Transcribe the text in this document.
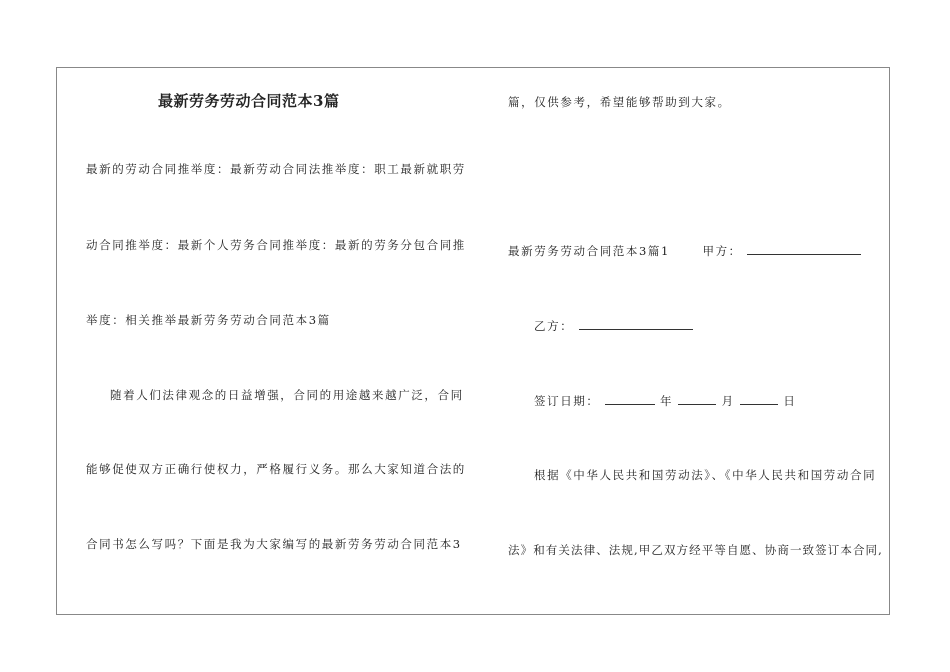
最新劳务劳动合同范本3篇
最新的劳动合同推举度：最新劳动合同法推举度：职工最新就职劳
动合同推举度：最新个人劳务合同推举度：最新的劳务分包合同推
举度：相关推举最新劳务劳动合同范本3篇
随着人们法律观念的日益增强，合同的用途越来越广泛，合同
能够促使双方正确行使权力，严格履行义务。那么大家知道合法的
合同书怎么写吗？下面是我为大家编写的最新劳务劳动合同范本3
篇，仅供参考，希望能够帮助到大家。
最新劳务劳动合同范本3篇1	甲方：
乙方：
签订日期：	年	月	日
根据《中华人民共和国劳动法》、《中华人民共和国劳动合同
法》和有关法律、法规,甲乙双方经平等自愿、协商一致签订本合同,
